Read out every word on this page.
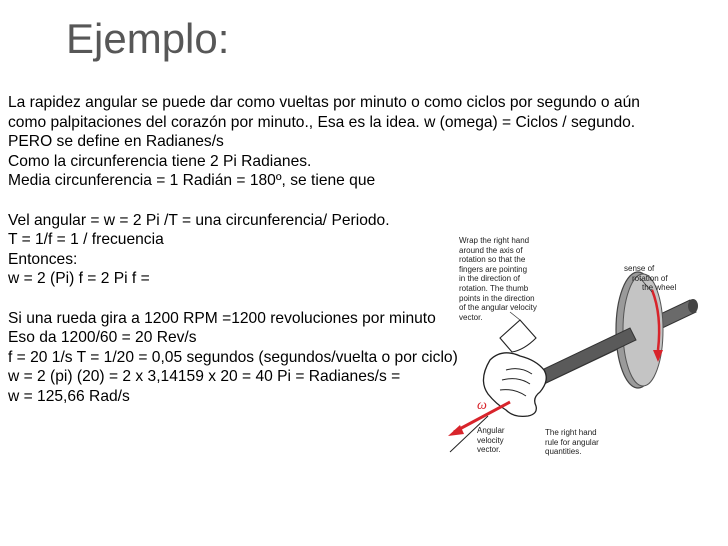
Ejemplo:
La rapidez angular se puede dar como vueltas por minuto o como ciclos por segundo o aún
como palpitaciones del corazón por minuto., Esa es la idea. w (omega) = Ciclos / segundo.
PERO se define en Radianes/s
Como la circunferencia tiene 2 Pi Radianes.
Media circunferencia = 1 Radián = 180º, se tiene que
Vel angular = w = 2 Pi /T = una circunferencia/ Periodo.
T = 1/f = 1 / frecuencia
Entonces:
w = 2 (Pi) f = 2 Pi f =
Si una rueda gira a 1200 RPM =1200 revoluciones por minuto
Eso da 1200/60 = 20 Rev/s
f = 20 1/s T = 1/20 = 0,05 segundos (segundos/vuelta o por ciclo)
w = 2 (pi) (20) = 2 x 3,14159 x 20 = 40 Pi = Radianes/s =
w = 125,66 Rad/s
Wrap the right hand
around the axis of
rotation so that the
fingers are pointing
in the direction of
rotation. The thumb
points in the direction
of the angular velocity
vector.
sense of
rotation of
the wheel
Angular
velocity
vector.
The right hand
rule for angular
quantities.
ω
